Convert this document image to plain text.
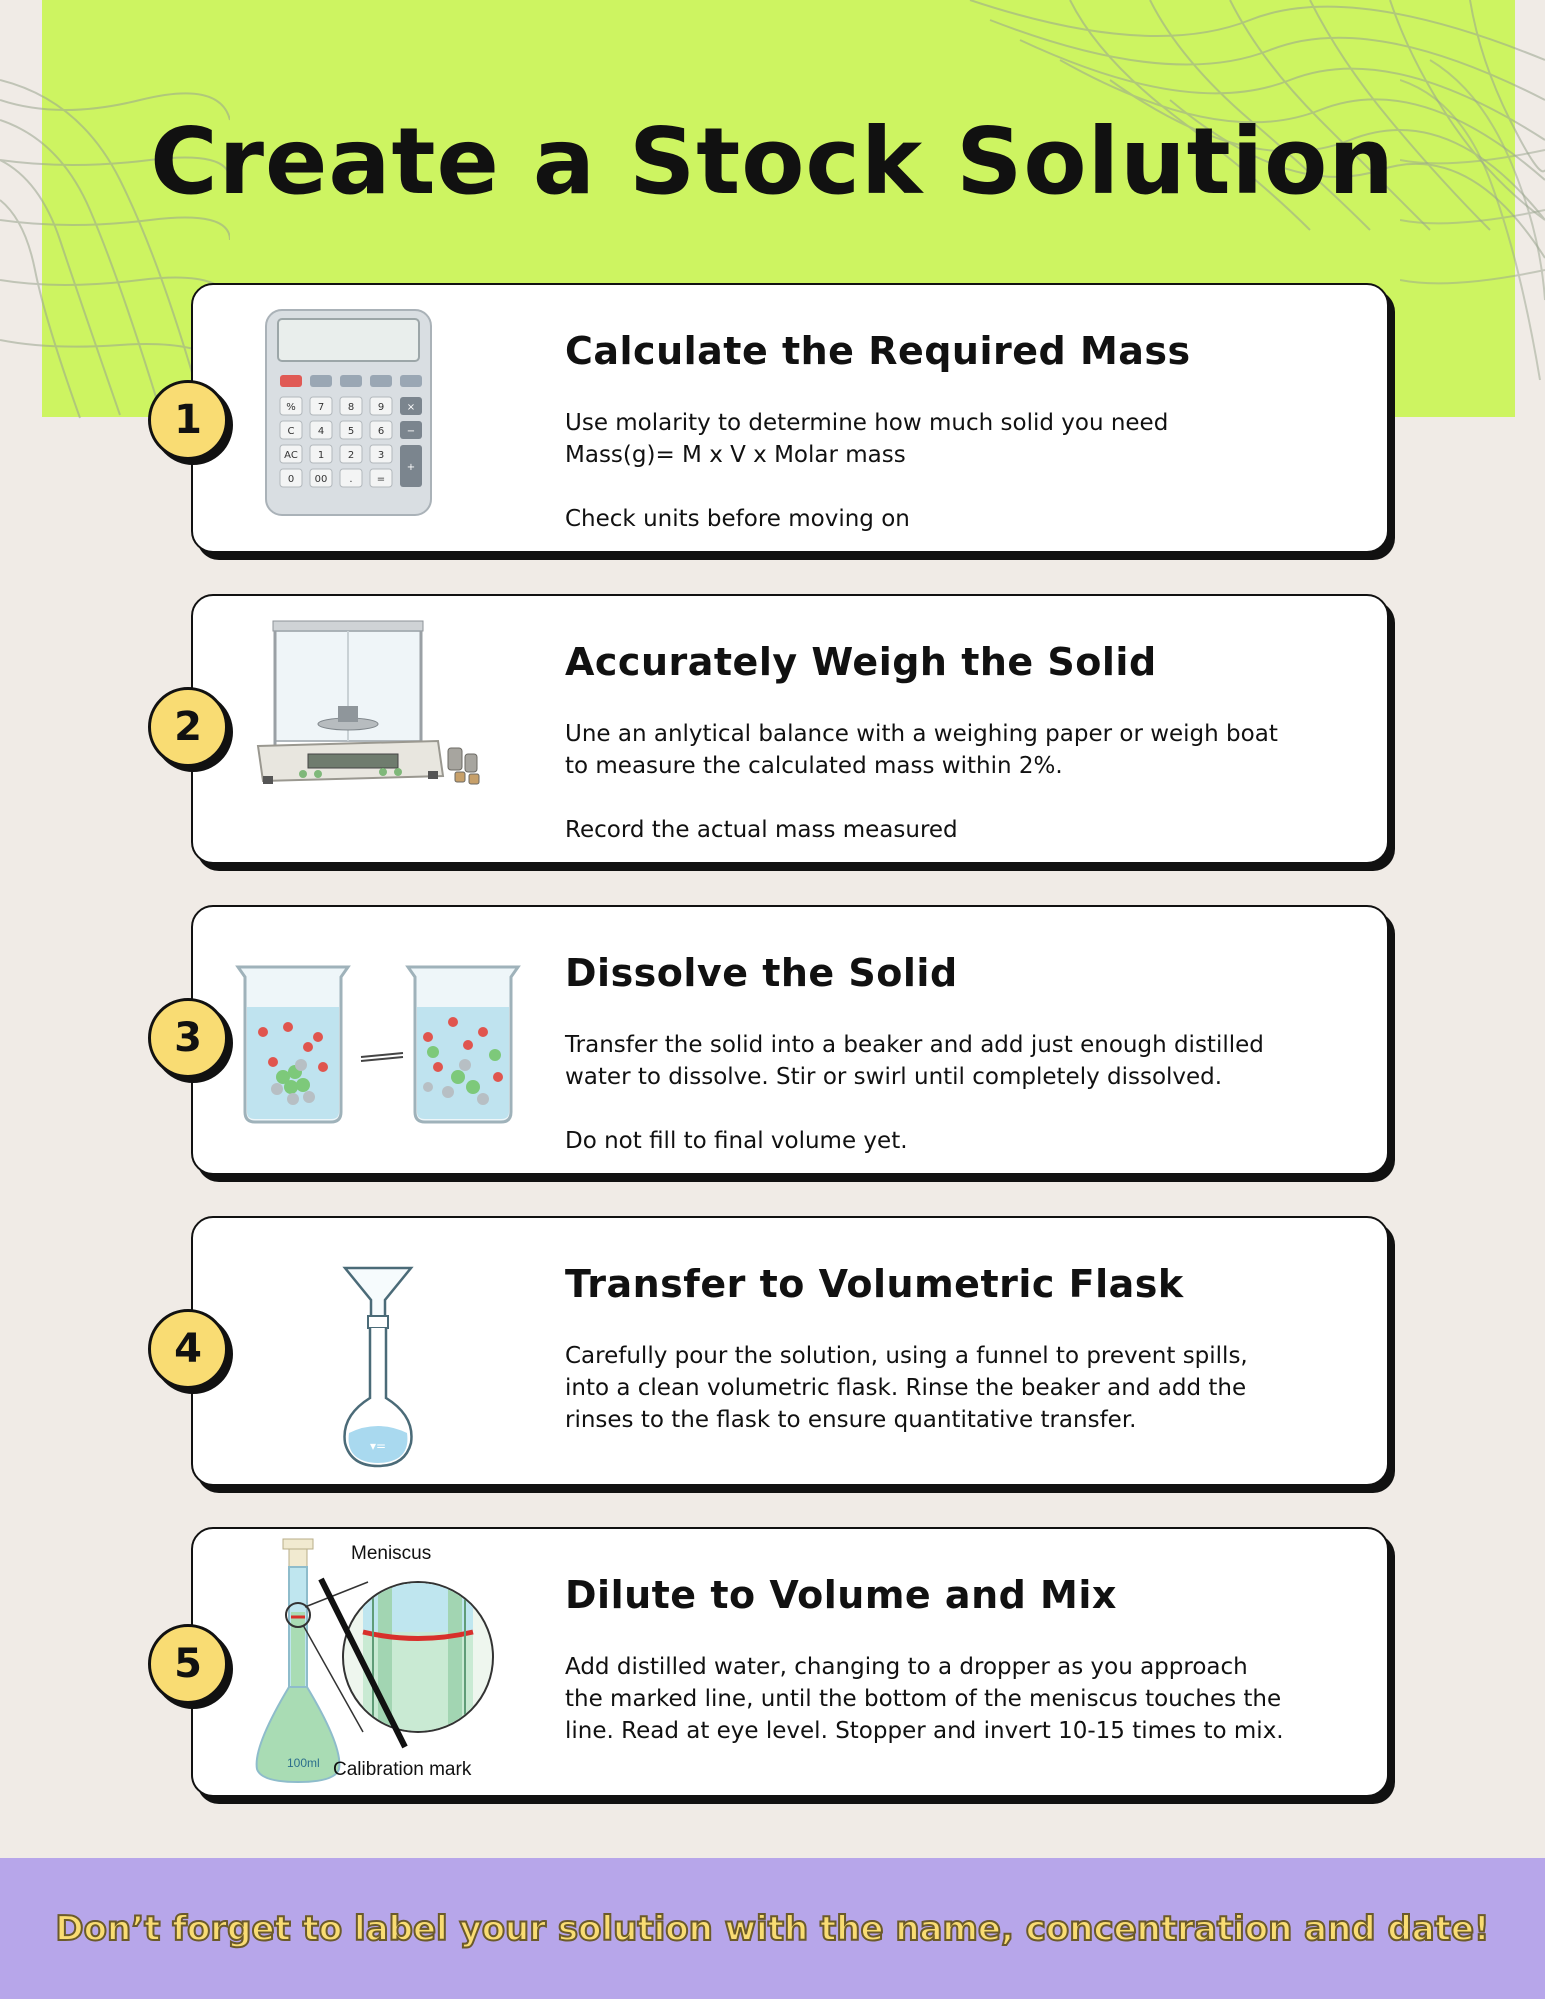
Create a Stock Solution
% 7 8 9
C 4 5 6
AC 1 2 3
0 00 . =
×
−
+
Calculate the Required Mass

Use molarity to determine how much solid you need

Mass(g)= M x V x Molar mass

Check units before moving on

1
Accurately Weigh the Solid

Une an anlytical balance with a weighing paper or weigh boat

to measure the calculated mass within 2%.

Record the actual mass measured

2
Dissolve the Solid

Transfer the solid into a beaker and add just enough distilled

water to dissolve. Stir or swirl until completely dissolved.

Do not fill to final volume yet.

3
▾=
Transfer to Volumetric Flask

Carefully pour the solution, using a funnel to prevent spills,

into a clean volumetric flask. Rinse the beaker and add the

rinses to the flask to ensure quantitative transfer.

4
Meniscus
Calibration mark
100ml
Dilute to Volume and Mix

Add distilled water, changing to a dropper as you approach

the marked line, until the bottom of the meniscus touches the

line. Read at eye level. Stopper and invert 10-15 times to mix.

5
Don’t forget to label your solution with the name, concentration and date!
